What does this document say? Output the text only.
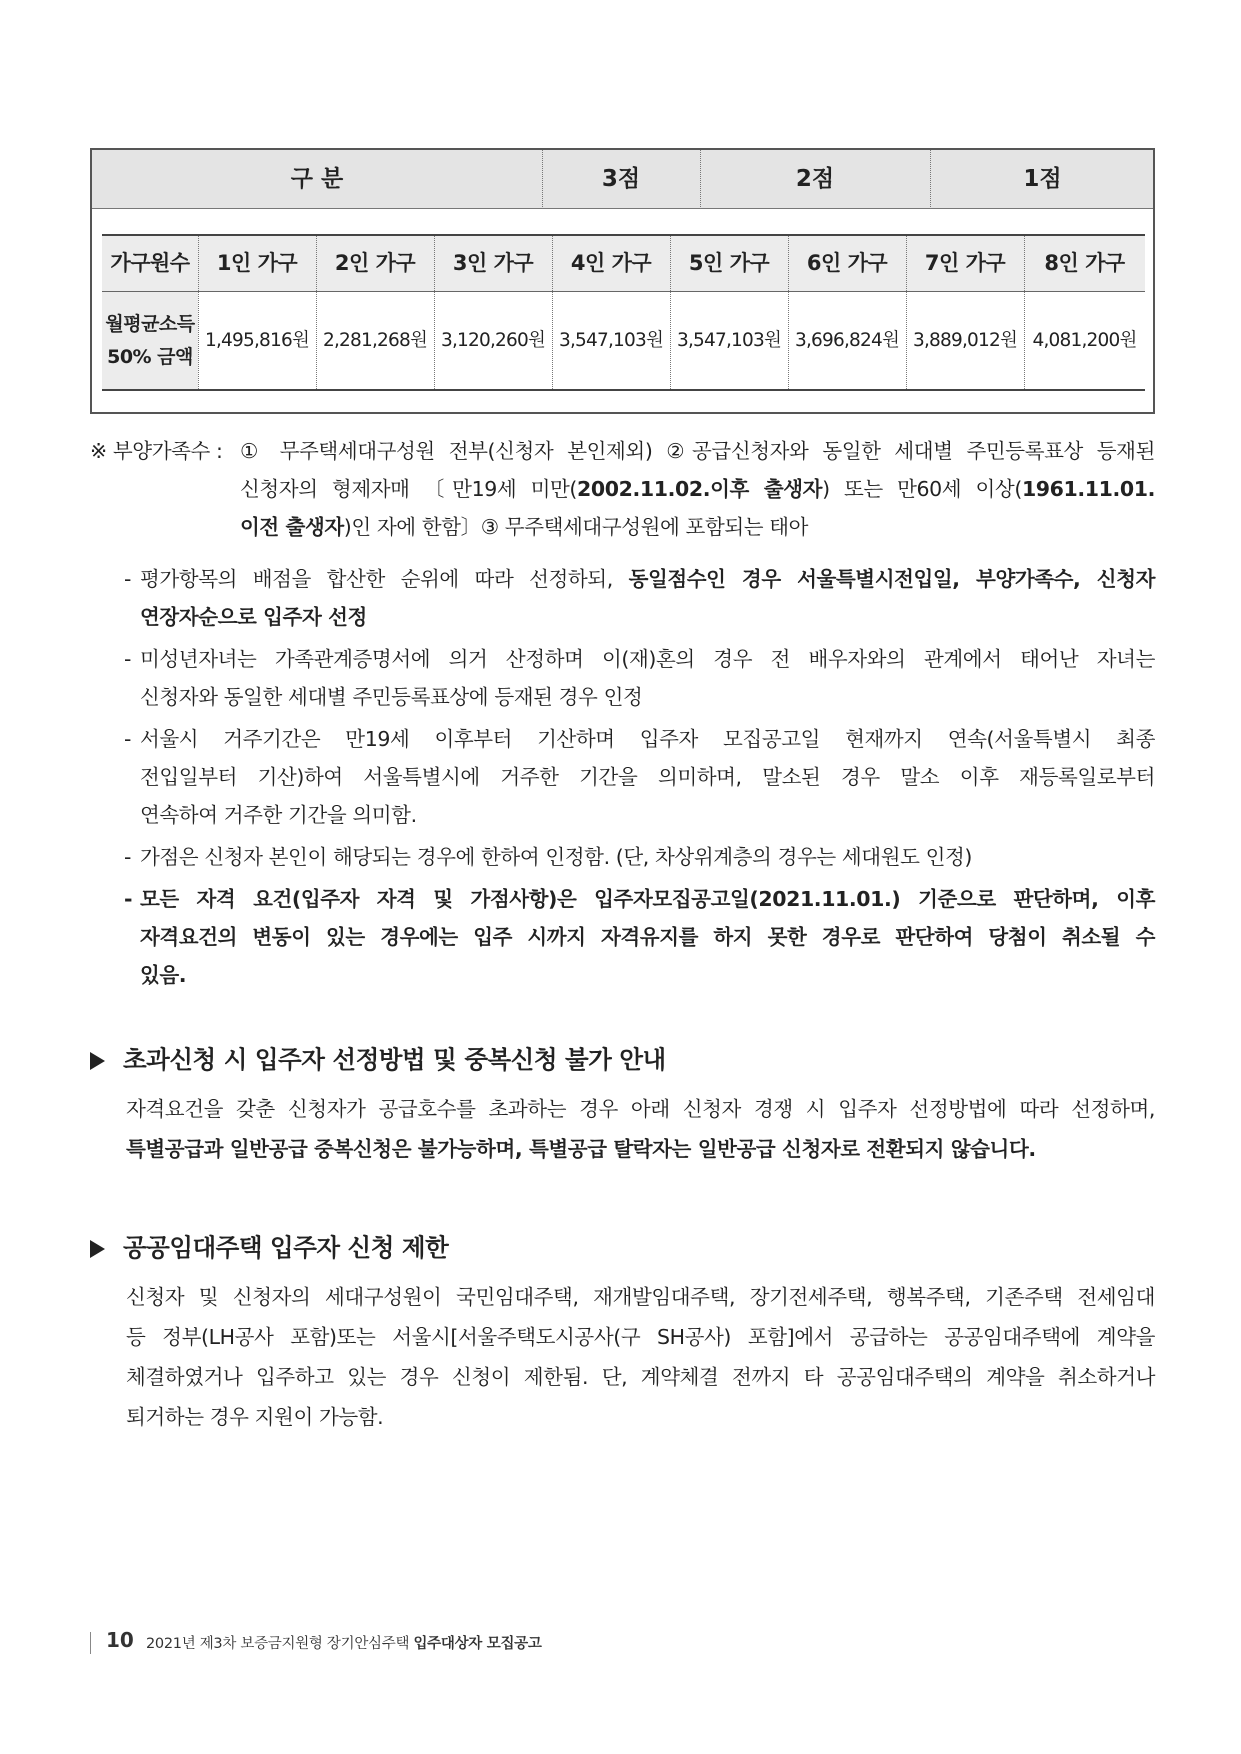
구 분	3점	2점	1점
가구원수	1인 가구	2인 가구	3인 가구	4인 가구	5인 가구	6인 가구	7인 가구	8인 가구
월평균소득
50% 금액
1,495,816원 2,281,268원 3,120,260원 3,547,103원 3,547,103원 3,696,824원 3,889,012원 4,081,200원
※ 부양가족수 : ① 무주택세대구성원 전부(신청자 본인제외) ②공급신청자와 동일한 세대별 주민등록표상 등재된
신청자의 형제자매 〔만19세 미만(2002.11.02.이후 출생자) 또는 만60세 이상(1961.11.01.
이전 출생자)인 자에 한함〕③ 무주택세대구성원에 포함되는 태아
- 평가항목의 배점을 합산한 순위에 따라 선정하되, 동일점수인 경우 서울특별시전입일, 부양가족수, 신청자
연장자순으로 입주자 선정
- 미성년자녀는 가족관계증명서에 의거 산정하며 이(재)혼의 경우 전 배우자와의 관계에서 태어난 자녀는
신청자와 동일한 세대별 주민등록표상에 등재된 경우 인정
- 서울시 거주기간은 만19세 이후부터 기산하며 입주자 모집공고일 현재까지 연속(서울특별시 최종
전입일부터 기산)하여 서울특별시에 거주한 기간을 의미하며, 말소된 경우 말소 이후 재등록일로부터
연속하여 거주한 기간을 의미함.
- 가점은 신청자 본인이 해당되는 경우에 한하여 인정함. (단, 차상위계층의 경우는 세대원도 인정)
- 모든 자격 요건(입주자 자격 및 가점사항)은 입주자모집공고일(2021.11.01.) 기준으로 판단하며, 이후
자격요건의 변동이 있는 경우에는 입주 시까지 자격유지를 하지 못한 경우로 판단하여 당첨이 취소될 수
있음.
초과신청 시 입주자 선정방법 및 중복신청 불가 안내
자격요건을 갖춘 신청자가 공급호수를 초과하는 경우 아래 신청자 경쟁 시 입주자 선정방법에 따라 선정하며,
특별공급과 일반공급 중복신청은 불가능하며, 특별공급 탈락자는 일반공급 신청자로 전환되지 않습니다.
공공임대주택 입주자 신청 제한
신청자 및 신청자의 세대구성원이 국민임대주택, 재개발임대주택, 장기전세주택, 행복주택, 기존주택 전세임대
등 정부(LH공사 포함)또는 서울시[서울주택도시공사(구 SH공사) 포함]에서 공급하는 공공임대주택에 계약을
체결하였거나 입주하고 있는 경우 신청이 제한됨. 단, 계약체결 전까지 타 공공임대주택의 계약을 취소하거나
퇴거하는 경우 지원이 가능함.
10 2021년 제3차 보증금지원형 장기안심주택 입주대상자 모집공고
